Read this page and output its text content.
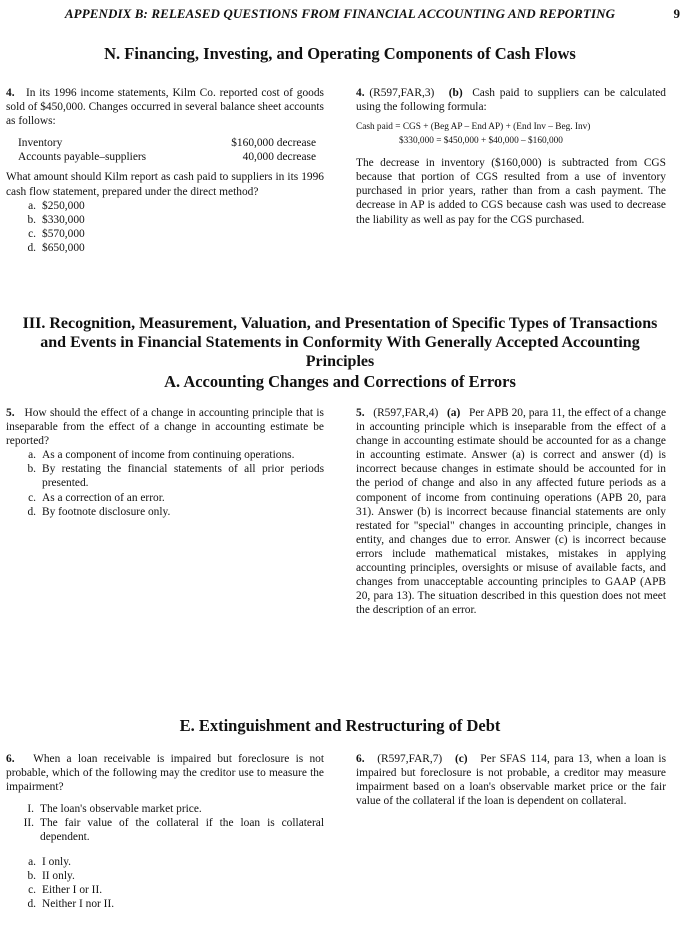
APPENDIX B: RELEASED QUESTIONS FROM FINANCIAL ACCOUNTING AND REPORTING	9
N. Financing, Investing, and Operating Components of Cash Flows

4. In its 1996 income statements, Kilm Co. reported cost of goods sold of $450,000. Changes occurred in several balance sheet accounts as follows:

Inventory	$160,000 decrease
Accounts payable–suppliers	40,000 decrease

What amount should Kilm report as cash paid to suppliers in its 1996 cash flow statement, prepared under the direct method?

a. $250,000
b. $330,000
c. $570,000
d. $650,000

4. (R597,FAR,3) (b) Cash paid to suppliers can be calculated using the following formula:

Cash paid = CGS + (Beg AP – End AP) + (End Inv – Beg. Inv)
$330,000 = $450,000 + $40,000 – $160,000

The decrease in inventory ($160,000) is subtracted from CGS because that portion of CGS resulted from a use of inventory purchased in prior years, rather than from a cash payment. The decrease in AP is added to CGS because cash was used to decrease the liability as well as pay for the CGS purchased.

III. Recognition, Measurement, Valuation, and Presentation of Specific Types of Transactions and Events in Financial Statements in Conformity With Generally Accepted Accounting Principles
A. Accounting Changes and Corrections of Errors

5. How should the effect of a change in accounting principle that is inseparable from the effect of a change in accounting estimate be reported?

a. As a component of income from continuing operations.
b. By restating the financial statements of all prior periods presented.
c. As a correction of an error.
d. By footnote disclosure only.

5. (R597,FAR,4) (a) Per APB 20, para 11, the effect of a change in accounting principle which is inseparable from the effect of a change in accounting estimate should be accounted for as a change in accounting estimate. Answer (a) is correct and answer (d) is incorrect because changes in estimate should be accounted for in the period of change and also in any affected future periods as a component of income from continuing operations (APB 20, para 31). Answer (b) is incorrect because financial statements are only restated for "special" changes in accounting principle, changes in entity, and changes due to error. Answer (c) is incorrect because errors include mathematical mistakes, mistakes in applying accounting principles, oversights or misuse of available facts, and changes from unacceptable accounting principles to GAAP (APB 20, para 13). The situation described in this question does not meet the description of an error.

E. Extinguishment and Restructuring of Debt

6. When a loan receivable is impaired but foreclosure is not probable, which of the following may the creditor use to measure the impairment?

I. The loan's observable market price.
II. The fair value of the collateral if the loan is collateral dependent.
a. I only.
b. II only.
c. Either I or II.
d. Neither I nor II.

6. (R597,FAR,7) (c) Per SFAS 114, para 13, when a loan is impaired but foreclosure is not probable, a creditor may measure impairment based on a loan's observable market price or the fair value of the collateral if the loan is dependent on collateral.
